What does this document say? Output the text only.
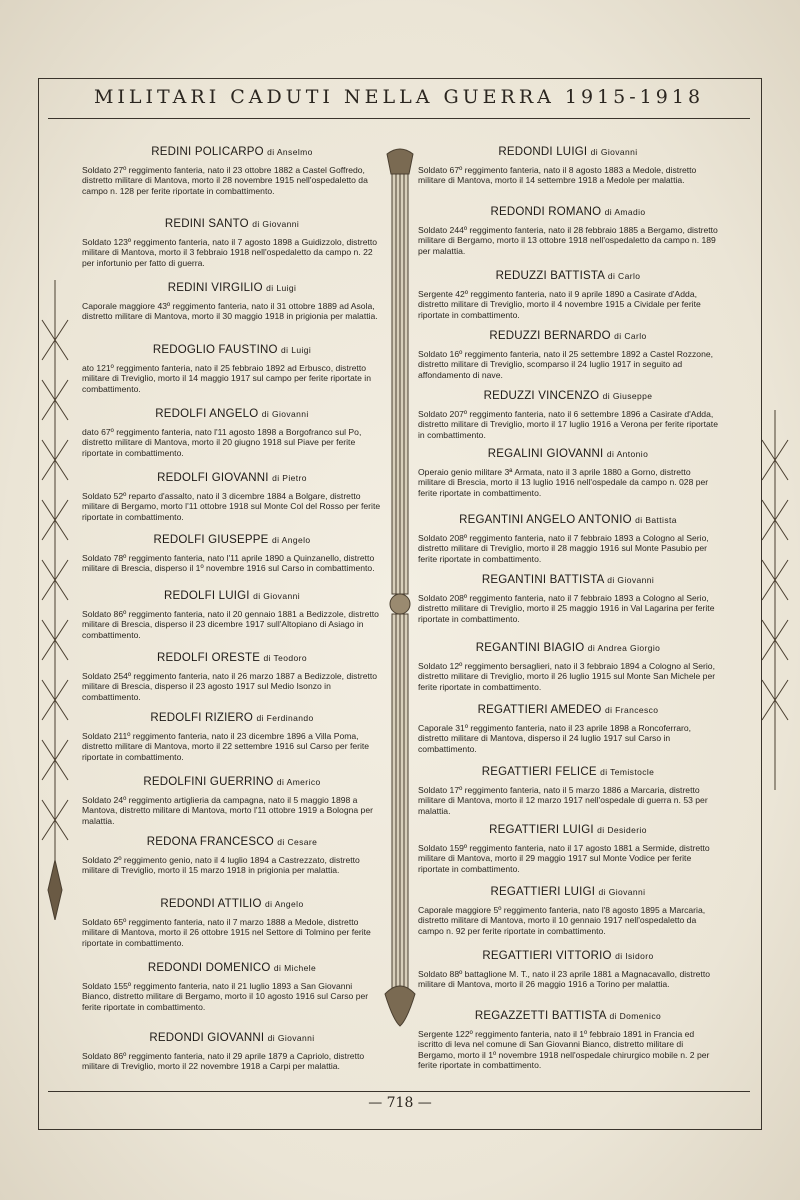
MILITARI CADUTI NELLA GUERRA 1915-1918
REDINI POLICARPO di Anselmo
Soldato 27º reggimento fanteria, nato il 23 ottobre 1882 a Castel Goffredo, distretto militare di Mantova, morto il 28 novembre 1915 nell'ospedaletto da campo n. 128 per ferite riportate in combattimento.
REDINI SANTO di Giovanni
Soldato 123º reggimento fanteria, nato il 7 agosto 1898 a Guidizzolo, distretto militare di Mantova, morto il 3 febbraio 1918 nell'ospedaletto da campo n. 22 per infortunio per fatto di guerra.
REDINI VIRGILIO di Luigi
Caporale maggiore 43º reggimento fanteria, nato il 31 ottobre 1889 ad Asola, distretto militare di Mantova, morto il 30 maggio 1918 in prigionia per malattia.
REDOGLIO FAUSTINO di Luigi
ato 121º reggimento fanteria, nato il 25 febbraio 1892 ad Erbusco, distretto militare di Treviglio, morto il 14 maggio 1917 sul campo per ferite riportate in combattimento.
REDOLFI ANGELO di Giovanni
dato 67º reggimento fanteria, nato l'11 agosto 1898 a Borgofranco sul Po, distretto militare di Mantova, morto il 20 giugno 1918 sul Piave per ferite riportate in combattimento.
REDOLFI GIOVANNI di Pietro
Soldato 52º reparto d'assalto, nato il 3 dicembre 1884 a Bolgare, distretto militare di Bergamo, morto l'11 ottobre 1918 sul Monte Col del Rosso per ferite riportate in combattimento.
REDOLFI GIUSEPPE di Angelo
Soldato 78º reggimento fanteria, nato l'11 aprile 1890 a Quinzanello, distretto militare di Brescia, disperso il 1º novembre 1916 sul Carso in combattimento.
REDOLFI LUIGI di Giovanni
Soldato 86º reggimento fanteria, nato il 20 gennaio 1881 a Bedizzole, distretto militare di Brescia, disperso il 23 dicembre 1917 sull'Altopiano di Asiago in combattimento.
REDOLFI ORESTE di Teodoro
Soldato 254º reggimento fanteria, nato il 26 marzo 1887 a Bedizzole, distretto militare di Brescia, disperso il 23 agosto 1917 sul Medio Isonzo in combattimento.
REDOLFI RIZIERO di Ferdinando
Soldato 211º reggimento fanteria, nato il 23 dicembre 1896 a Villa Poma, distretto militare di Mantova, morto il 22 settembre 1916 sul Carso per ferite riportate in combattimento.
REDOLFINI GUERRINO di Americo
Soldato 24º reggimento artiglieria da campagna, nato il 5 maggio 1898 a Mantova, distretto militare di Mantova, morto l'11 ottobre 1919 a Bologna per malattia.
REDONA FRANCESCO di Cesare
Soldato 2º reggimento genio, nato il 4 luglio 1894 a Castrezzato, distretto militare di Treviglio, morto il 15 marzo 1918 in prigionia per malattia.
REDONDI ATTILIO di Angelo
Soldato 65º reggimento fanteria, nato il 7 marzo 1888 a Medole, distretto militare di Mantova, morto il 26 ottobre 1915 nel Settore di Tolmino per ferite riportate in combattimento.
REDONDI DOMENICO di Michele
Soldato 155º reggimento fanteria, nato il 21 luglio 1893 a San Giovanni Bianco, distretto militare di Bergamo, morto il 10 agosto 1916 sul Carso per ferite riportate in combattimento.
REDONDI GIOVANNI di Giovanni
Soldato 86º reggimento fanteria, nato il 29 aprile 1879 a Capriolo, distretto militare di Treviglio, morto il 22 novembre 1918 a Carpi per malattia.
REDONDI LUIGI di Giovanni
Soldato 67º reggimento fanteria, nato il 8 agosto 1883 a Medole, distretto militare di Mantova, morto il 14 settembre 1918 a Medole per malattia.
REDONDI ROMANO di Amadio
Soldato 244º reggimento fanteria, nato il 28 febbraio 1885 a Bergamo, distretto militare di Bergamo, morto il 13 ottobre 1918 nell'ospedaletto da campo n. 189 per malattia.
REDUZZI BATTISTA di Carlo
Sergente 42º reggimento fanteria, nato il 9 aprile 1890 a Casirate d'Adda, distretto militare di Treviglio, morto il 4 novembre 1915 a Cividale per ferite riportate in combattimento.
REDUZZI BERNARDO di Carlo
Soldato 16º reggimento fanteria, nato il 25 settembre 1892 a Castel Rozzone, distretto militare di Treviglio, scomparso il 24 luglio 1917 in seguito ad affondamento di nave.
REDUZZI VINCENZO di Giuseppe
Soldato 207º reggimento fanteria, nato il 6 settembre 1896 a Casirate d'Adda, distretto militare di Treviglio, morto il 17 luglio 1916 a Verona per ferite riportate in combattimento.
REGALINI GIOVANNI di Antonio
Operaio genio militare 3ª Armata, nato il 3 aprile 1880 a Gorno, distretto militare di Brescia, morto il 13 luglio 1916 nell'ospedale da campo n. 028 per ferite riportate in combattimento.
REGANTINI ANGELO ANTONIO di Battista
Soldato 208º reggimento fanteria, nato il 7 febbraio 1893 a Cologno al Serio, distretto militare di Treviglio, morto il 28 maggio 1916 sul Monte Pasubio per ferite riportate in combattimento.
REGANTINI BATTISTA di Giovanni
Soldato 208º reggimento fanteria, nato il 7 febbraio 1893 a Cologno al Serio, distretto militare di Treviglio, morto il 25 maggio 1916 in Val Lagarina per ferite riportate in combattimento.
REGANTINI BIAGIO di Andrea Giorgio
Soldato 12º reggimento bersaglieri, nato il 3 febbraio 1894 a Cologno al Serio, distretto militare di Treviglio, morto il 26 luglio 1915 sul Monte San Michele per ferite riportate in combattimento.
REGATTIERI AMEDEO di Francesco
Caporale 31º reggimento fanteria, nato il 23 aprile 1898 a Roncoferraro, distretto militare di Mantova, disperso il 24 luglio 1917 sul Carso in combattimento.
REGATTIERI FELICE di Temistocle
Soldato 17º reggimento fanteria, nato il 5 marzo 1886 a Marcaria, distretto militare di Mantova, morto il 12 marzo 1917 nell'ospedale di guerra n. 53 per malattia.
REGATTIERI LUIGI di Desiderio
Soldato 159º reggimento fanteria, nato il 17 agosto 1881 a Sermide, distretto militare di Mantova, morto il 29 maggio 1917 sul Monte Vodice per ferite riportate in combattimento.
REGATTIERI LUIGI di Giovanni
Caporale maggiore 5º reggimento fanteria, nato l'8 agosto 1895 a Marcaria, distretto militare di Mantova, morto il 10 gennaio 1917 nell'ospedaletto da campo n. 92 per ferite riportate in combattimento.
REGATTIERI VITTORIO di Isidoro
Soldato 88º battaglione M. T., nato il 23 aprile 1881 a Magnacavallo, distretto militare di Mantova, morto il 26 maggio 1916 a Torino per malattia.
REGAZZETTI BATTISTA di Domenico
Sergente 122º reggimento fanteria, nato il 1º febbraio 1891 in Francia ed iscritto di leva nel comune di San Giovanni Bianco, distretto militare di Bergamo, morto il 1º novembre 1918 nell'ospedale chirurgico mobile n. 2 per ferite riportate in combattimento.
— 718 —
